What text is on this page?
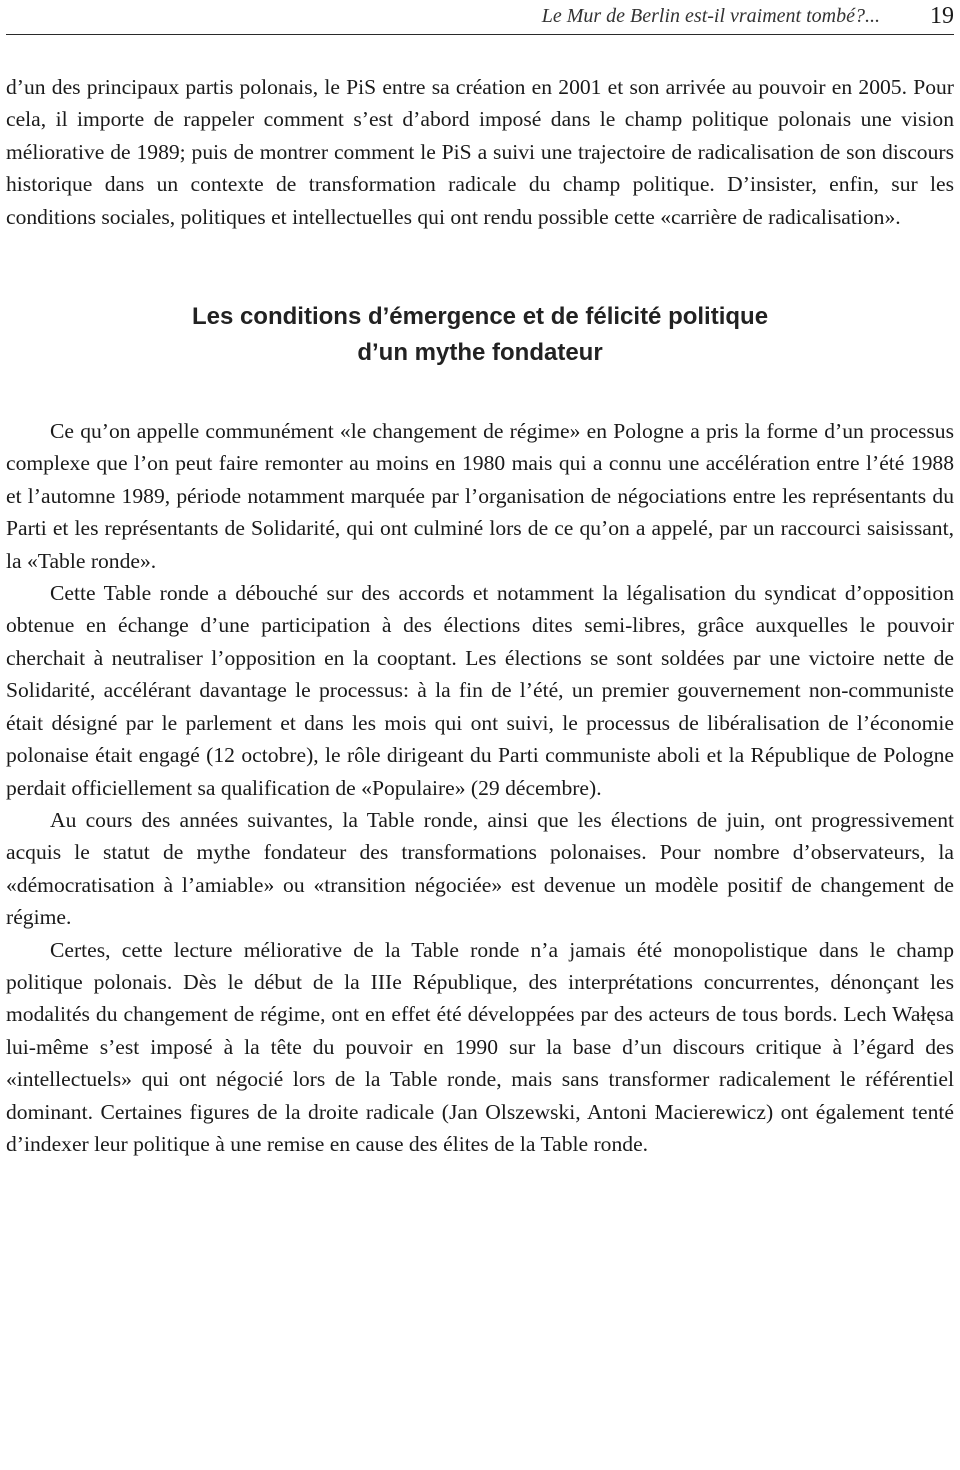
Le Mur de Berlin est-il vraiment tombé?... 19

d’un des principaux partis polonais, le PiS entre sa création en 2001 et son arrivée au pouvoir en 2005. Pour cela, il importe de rappeler comment s’est d’abord imposé dans le champ politique polonais une vision méliorative de 1989; puis de montrer comment le PiS a suivi une trajectoire de radicalisation de son discours historique dans un contexte de transformation radicale du champ politique. D’insister, enfin, sur les conditions sociales, politiques et intellectuelles qui ont rendu possible cette «carrière de radicalisation».

Les conditions d’émergence et de félicité politique
d’un mythe fondateur

Ce qu’on appelle communément «le changement de régime» en Pologne a pris la forme d’un processus complexe que l’on peut faire remonter au moins en 1980 mais qui a connu une accélération entre l’été 1988 et l’automne 1989, période notamment marquée par l’organisation de négociations entre les représentants du Parti et les représentants de Solidarité, qui ont culminé lors de ce qu’on a appelé, par un raccourci saisissant, la «Table ronde».

Cette Table ronde a débouché sur des accords et notamment la légalisation du syndicat d’opposition obtenue en échange d’une participation à des élections dites semi-libres, grâce auxquelles le pouvoir cherchait à neutraliser l’opposition en la cooptant. Les élections se sont soldées par une victoire nette de Solidarité, accélérant davantage le processus: à la fin de l’été, un premier gouvernement non-communiste était désigné par le parlement et dans les mois qui ont suivi, le processus de libéralisation de l’économie polonaise était engagé (12 octobre), le rôle dirigeant du Parti communiste aboli et la République de Pologne perdait officiellement sa qualification de «Populaire» (29 décembre).

Au cours des années suivantes, la Table ronde, ainsi que les élections de juin, ont progressivement acquis le statut de mythe fondateur des transformations polonaises. Pour nombre d’observateurs, la «démocratisation à l’amiable» ou «transition négociée» est devenue un modèle positif de changement de régime.

Certes, cette lecture méliorative de la Table ronde n’a jamais été monopolistique dans le champ politique polonais. Dès le début de la IIIe République, des interprétations concurrentes, dénonçant les modalités du changement de régime, ont en effet été développées par des acteurs de tous bords. Lech Wałęsa lui-même s’est imposé à la tête du pouvoir en 1990 sur la base d’un discours critique à l’égard des «intellectuels» qui ont négocié lors de la Table ronde, mais sans transformer radicalement le référentiel dominant. Certaines figures de la droite radicale (Jan Olszewski, Antoni Macierewicz) ont également tenté d’indexer leur politique à une remise en cause des élites de la Table ronde.
